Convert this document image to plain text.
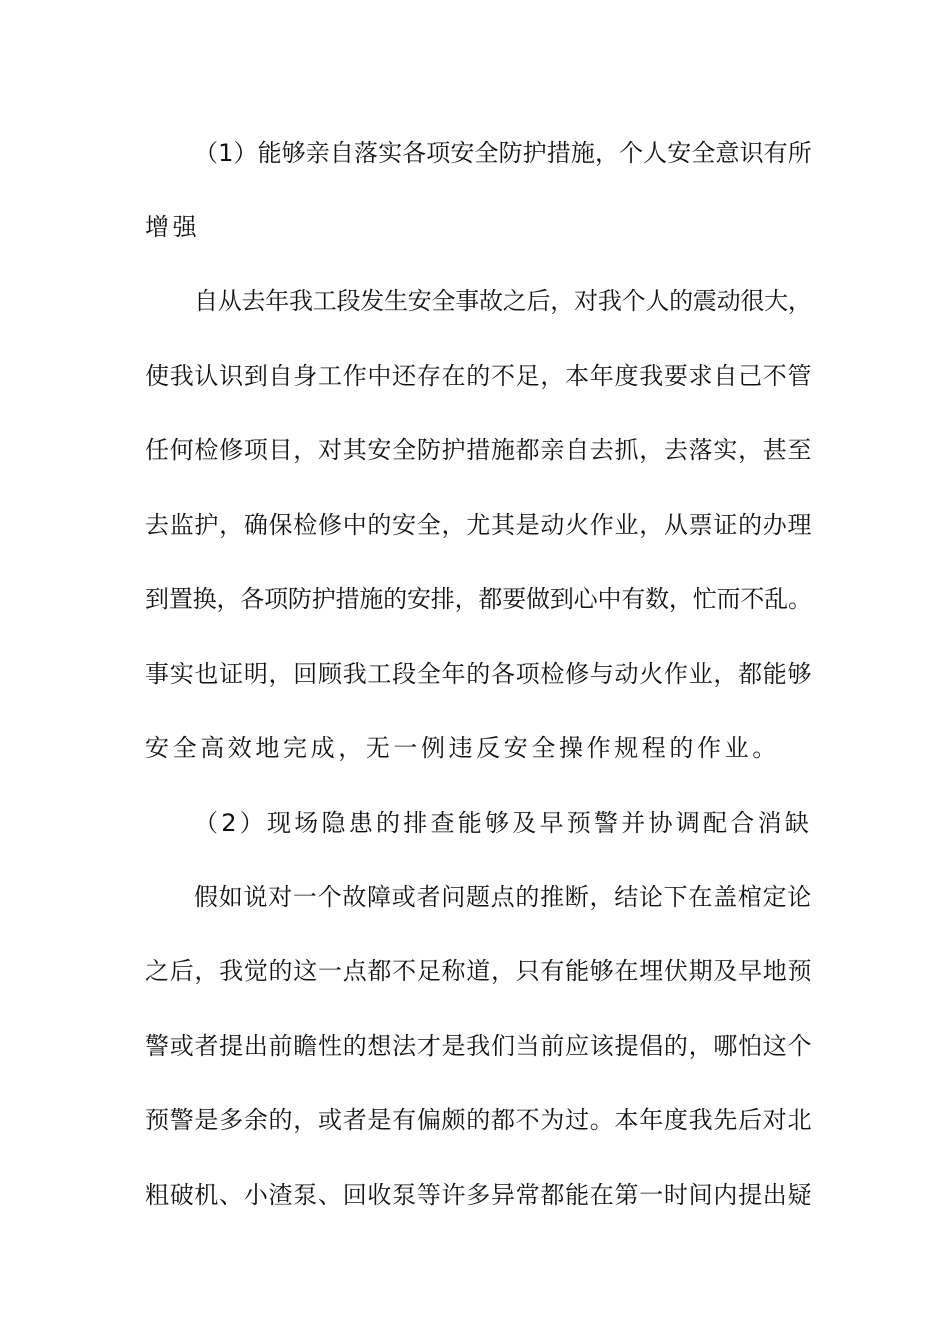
（1）能够亲自落实各项安全防护措施，个人安全意识有所
增强
自从去年我工段发生安全事故之后，对我个人的震动很大，
使我认识到自身工作中还存在的不足，本年度我要求自己不管
任何检修项目，对其安全防护措施都亲自去抓，去落实，甚至
去监护，确保检修中的安全，尤其是动火作业，从票证的办理
到置换，各项防护措施的安排，都要做到心中有数，忙而不乱。
事实也证明，回顾我工段全年的各项检修与动火作业，都能够
安全高效地完成，无一例违反安全操作规程的作业。
（2）现场隐患的排查能够及早预警并协调配合消缺
假如说对一个故障或者问题点的推断，结论下在盖棺定论
之后，我觉的这一点都不足称道，只有能够在埋伏期及早地预
警或者提出前瞻性的想法才是我们当前应该提倡的，哪怕这个
预警是多余的，或者是有偏颇的都不为过。本年度我先后对北
粗破机、小渣泵、回收泵等许多异常都能在第一时间内提出疑
